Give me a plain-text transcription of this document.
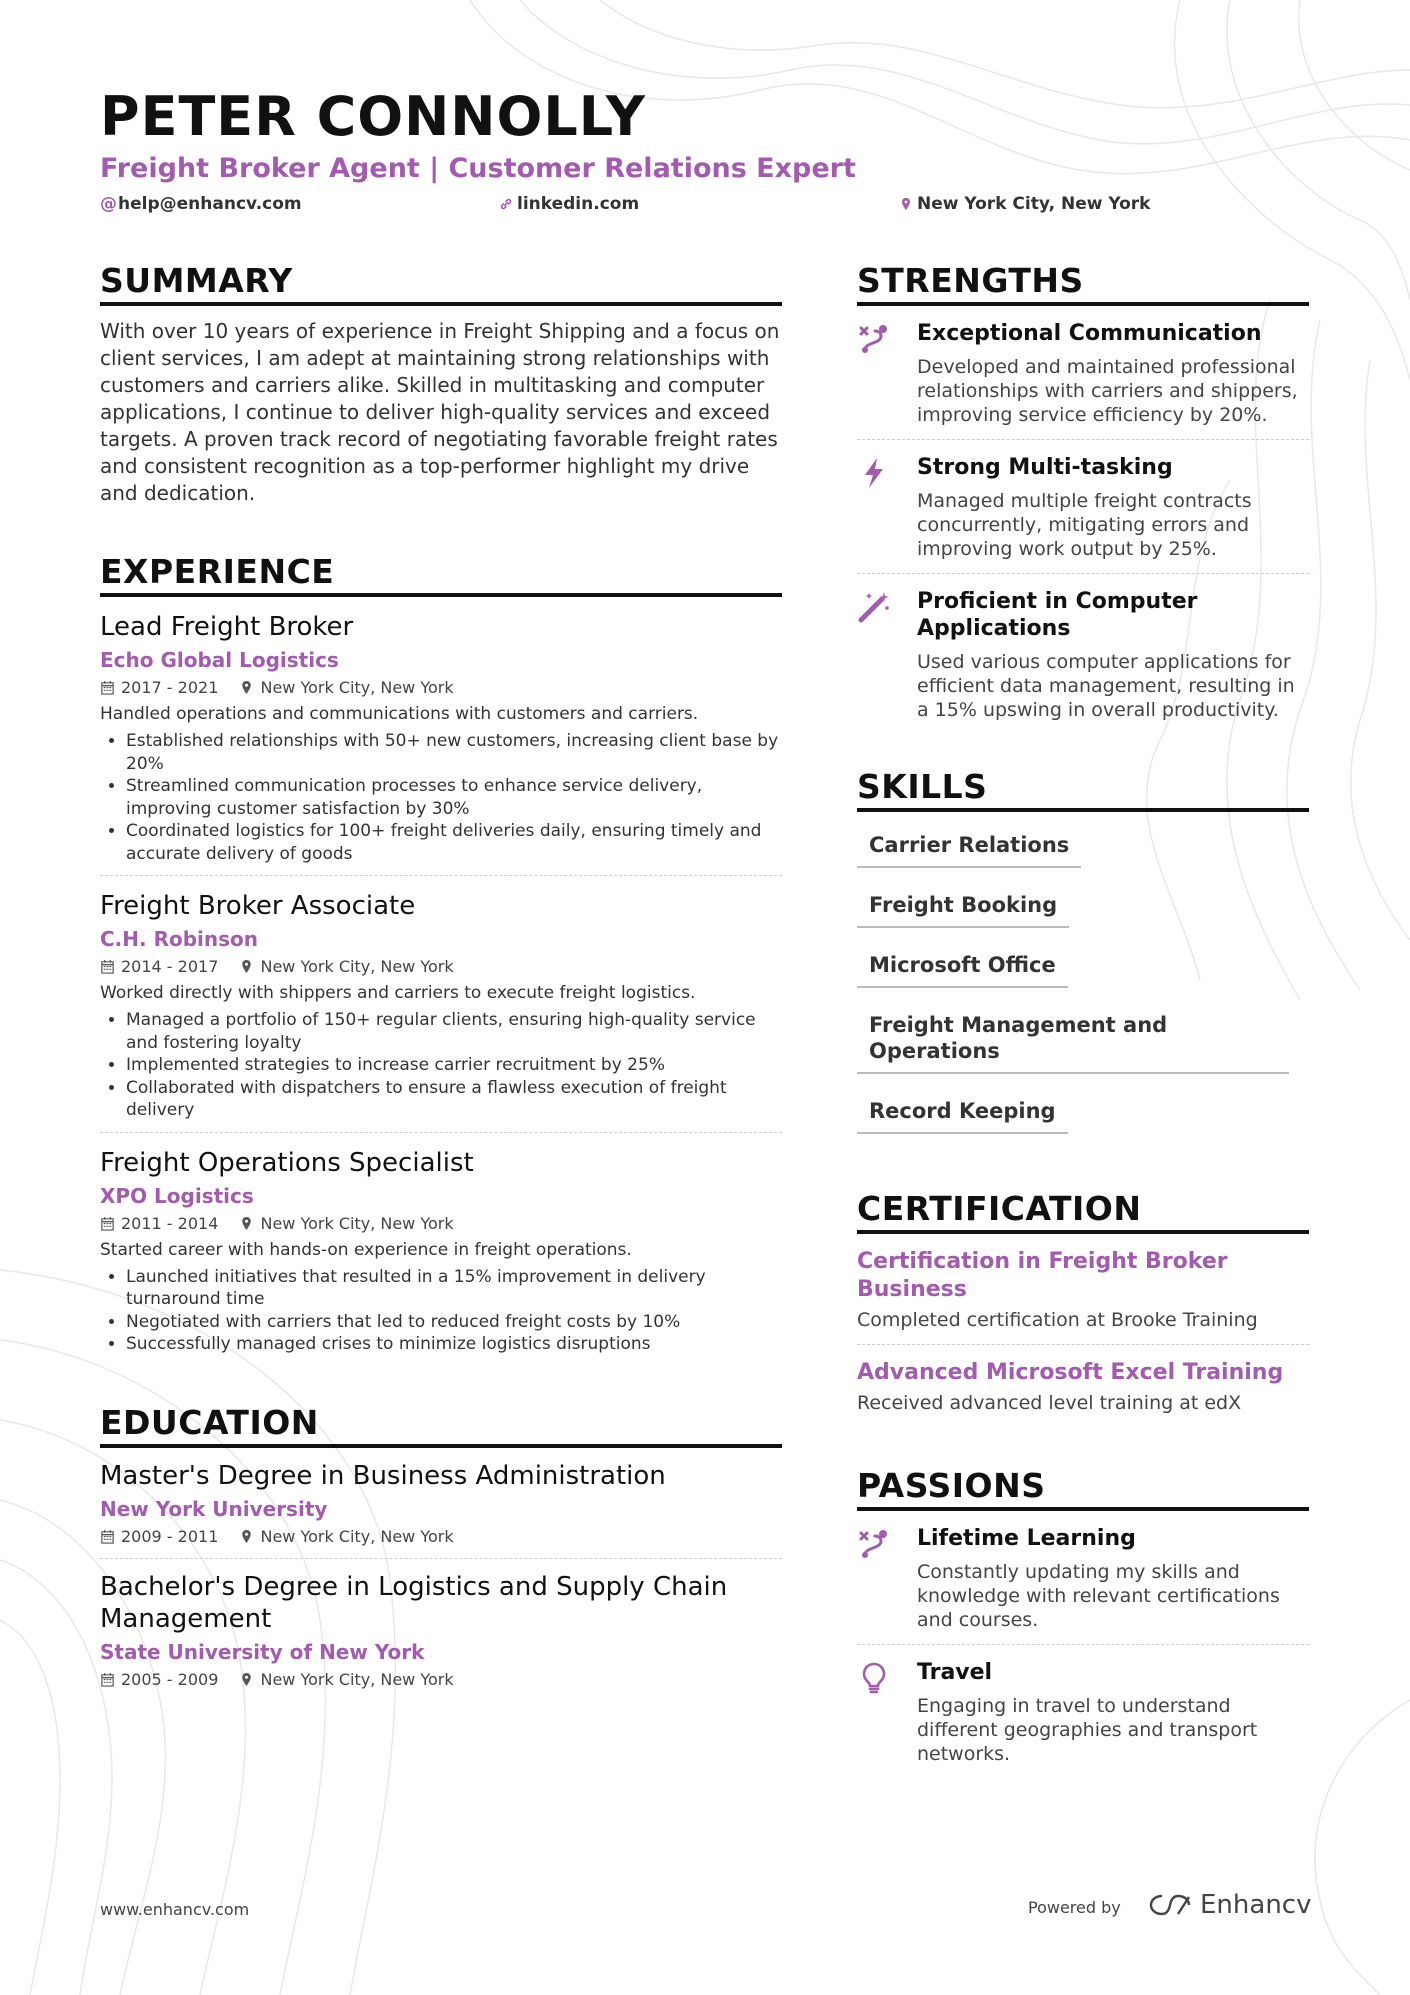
PETER CONNOLLY
Freight Broker Agent | Customer Relations Expert
@help@enhancv.com	linkedin.com	New York City, New York
SUMMARY

With over 10 years of experience in Freight Shipping and a focus on client services, I am adept at maintaining strong relationships with customers and carriers alike. Skilled in multitasking and computer applications, I continue to deliver high-quality services and exceed targets. A proven track record of negotiating favorable freight rates and consistent recognition as a top-performer highlight my drive and dedication.

EXPERIENCE
Lead Freight Broker
Echo Global Logistics
2017 - 2021	New York City, New York
Handled operations and communications with customers and carriers.
• Established relationships with 50+ new customers, increasing client base by 20%
• Streamlined communication processes to enhance service delivery, improving customer satisfaction by 30%
• Coordinated logistics for 100+ freight deliveries daily, ensuring timely and accurate delivery of goods
Freight Broker Associate
C.H. Robinson
2014 - 2017	New York City, New York
Worked directly with shippers and carriers to execute freight logistics.
• Managed a portfolio of 150+ regular clients, ensuring high-quality service and fostering loyalty
• Implemented strategies to increase carrier recruitment by 25%
• Collaborated with dispatchers to ensure a flawless execution of freight delivery
Freight Operations Specialist
XPO Logistics
2011 - 2014	New York City, New York
Started career with hands-on experience in freight operations.
• Launched initiatives that resulted in a 15% improvement in delivery turnaround time
• Negotiated with carriers that led to reduced freight costs by 10%
• Successfully managed crises to minimize logistics disruptions
EDUCATION
Master's Degree in Business Administration
New York University
2009 - 2011	New York City, New York
Bachelor's Degree in Logistics and Supply Chain Management
State University of New York
2005 - 2009	New York City, New York
STRENGTHS
Exceptional Communication
Developed and maintained professional relationships with carriers and shippers, improving service efficiency by 20%.
Strong Multi-tasking
Managed multiple freight contracts concurrently, mitigating errors and improving work output by 25%.
Proficient in Computer Applications
Used various computer applications for efficient data management, resulting in a 15% upswing in overall productivity.
SKILLS
Carrier Relations
Freight Booking
Microsoft Office
Freight Management and Operations
Record Keeping
CERTIFICATION
Certification in Freight Broker Business
Completed certification at Brooke Training
Advanced Microsoft Excel Training
Received advanced level training at edX
PASSIONS
Lifetime Learning
Constantly updating my skills and knowledge with relevant certifications and courses.
Travel
Engaging in travel to understand different geographies and transport networks.
www.enhancv.com	Powered by	Enhancv
